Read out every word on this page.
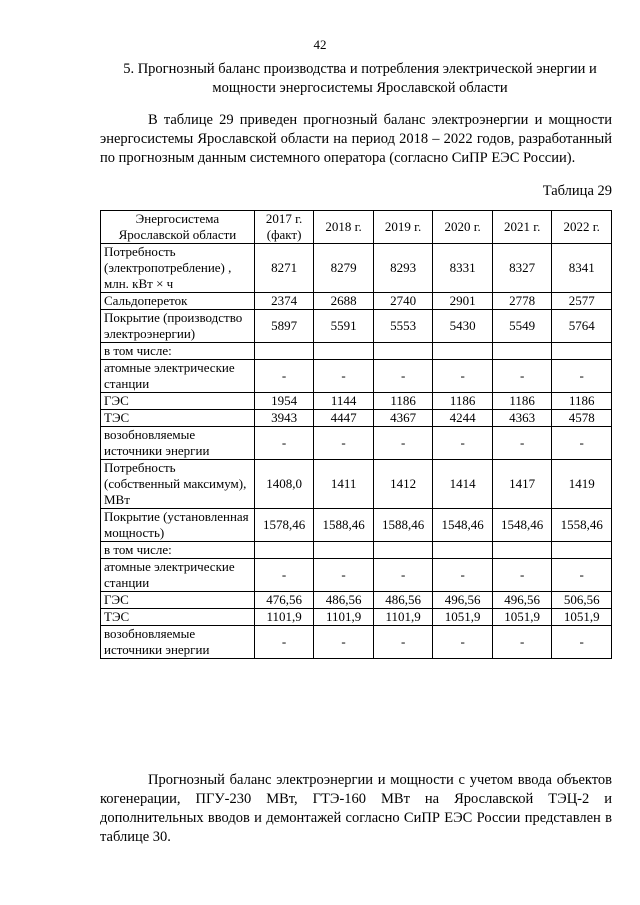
42
5. Прогнозный баланс производства и потребления электрической энергии и мощности энергосистемы Ярославской области
В таблице 29 приведен прогнозный баланс электроэнергии и мощности энергосистемы Ярославской области на период 2018 – 2022 годов, разработанный по прогнозным данным системного оператора (согласно СиПР ЕЭС России).
Таблица 29
Энергосистема Ярославской области	2017 г. (факт)	2018 г.	2019 г.	2020 г.	2021 г.	2022 г.
Потребность (электропотребление) , млн. кВт × ч	8271	8279	8293	8331	8327	8341
Сальдопереток	2374	2688	2740	2901	2778	2577
Покрытие (производство электроэнергии)	5897	5591	5553	5430	5549	5764
в том числе:						
атомные электрические станции	-	-	-	-	-	-
ГЭС	1954	1144	1186	1186	1186	1186
ТЭС	3943	4447	4367	4244	4363	4578
возобновляемые источники энергии	-	-	-	-	-	-
Потребность (собственный максимум), МВт	1408,0	1411	1412	1414	1417	1419
Покрытие (установленная мощность)	1578,46	1588,46	1588,46	1548,46	1548,46	1558,46
в том числе:						
атомные электрические станции	-	-	-	-	-	-
ГЭС	476,56	486,56	486,56	496,56	496,56	506,56
ТЭС	1101,9	1101,9	1101,9	1051,9	1051,9	1051,9
возобновляемые источники энергии	-	-	-	-	-	-
Прогнозный баланс электроэнергии и мощности с учетом ввода объектов когенерации, ПГУ-230 МВт, ГТЭ-160 МВт на Ярославской ТЭЦ-2 и дополнительных вводов и демонтажей согласно СиПР ЕЭС России представлен в таблице 30.
